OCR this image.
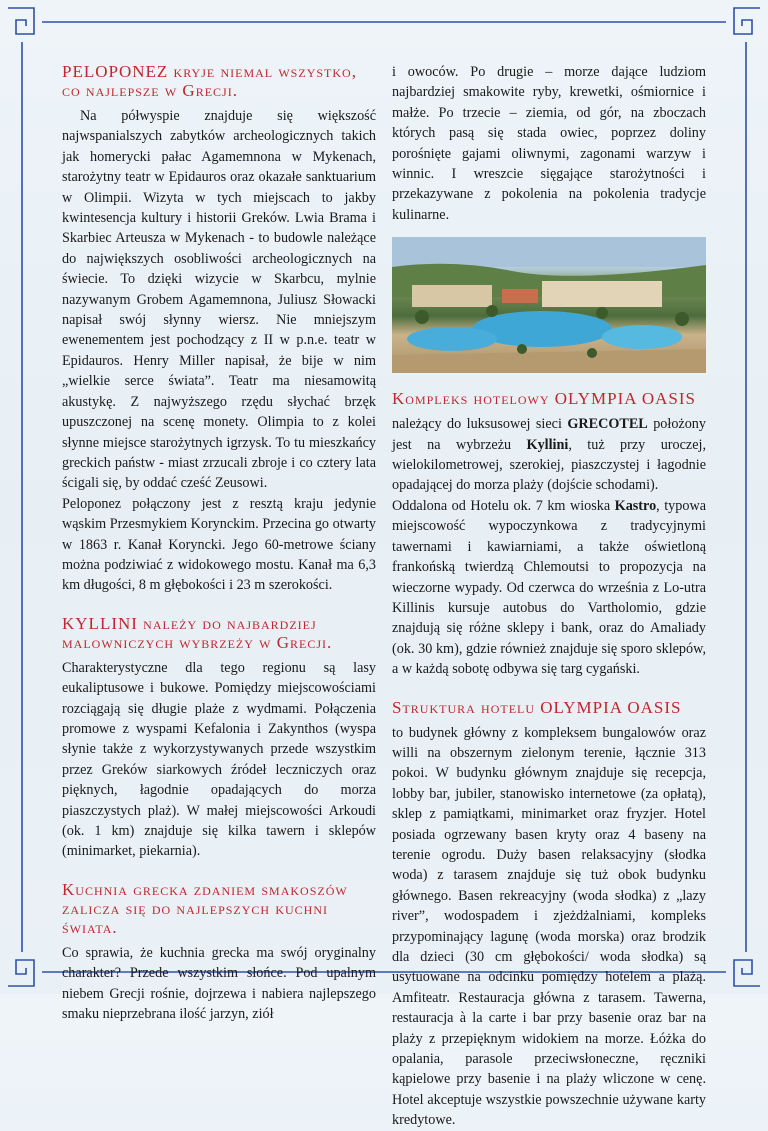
PELOPONEZ kryje niemal wszystko, co najlepsze w Grecji.

Na półwyspie znajduje się większość najwspanialszych zabytków archeologicznych takich jak homerycki pałac Agamemnona w Mykenach, starożytny teatr w Epidauros oraz okazałe sanktuarium w Olimpii. Wizyta w tych miejscach to jakby kwintesencja kultury i historii Greków. Lwia Brama i Skarbiec Arteusza w Mykenach - to budowle należące do największych osobliwości archeologicznych na świecie. To dzięki wizycie w Skarbcu, mylnie nazywanym Grobem Agamemnona, Juliusz Słowacki napisał swój słynny wiersz. Nie mniejszym ewenementem jest pochodzący z II w p.n.e. teatr w Epidauros. Henry Miller napisał, że bije w nim „wielkie serce świata”. Teatr ma niesamowitą akustykę. Z najwyższego rzędu słychać brzęk upuszczonej na scenę monety. Olimpia to z kolei słynne miejsce starożytnych igrzysk. To tu mieszkańcy greckich państw - miast zrzucali zbroje i co cztery lata ścigali się, by oddać cześć Zeusowi.

Peloponez połączony jest z resztą kraju jedynie wąskim Przesmykiem Korynckim. Przecina go otwarty w 1863 r. Kanał Koryncki. Jego 60-metrowe ściany można podziwiać z widokowego mostu. Kanał ma 6,3 km długości, 8 m głębokości i 23 m szerokości.

KYLLINI należy do najbardziej malowniczych wybrzeży w Grecji.

Charakterystyczne dla tego regionu są lasy eukaliptusowe i bukowe. Pomiędzy miejscowościami rozciągają się długie plaże z wydmami. Połączenia promowe z wyspami Kefalonia i Zakynthos (wyspa słynie także z wykorzystywanych przede wszystkim przez Greków siarkowych źródeł leczniczych oraz pięknych, łagodnie opadających do morza piaszczystych plaż). W małej miejscowości Arkoudi (ok. 1 km) znajduje się kilka tawern i sklepów (minimarket, piekarnia).

Kuchnia grecka zdaniem smakoszów zalicza się do najlepszych kuchni świata.

Co sprawia, że kuchnia grecka ma swój oryginalny charakter? Przede wszystkim słońce. Pod upalnym niebem Grecji rośnie, dojrzewa i nabiera najlepszego smaku nieprzebrana ilość jarzyn, ziół

i owoców. Po drugie – morze dające ludziom najbardziej smakowite ryby, krewetki, ośmiornice i małże. Po trzecie – ziemia, od gór, na zboczach których pasą się stada owiec, poprzez doliny porośnięte gajami oliwnymi, zagonami warzyw i winnic. I wreszcie sięgające starożytności i przekazywane z pokolenia na pokolenia tradycje kulinarne.

Kompleks hotelowy OLYMPIA OASIS

należący do luksusowej sieci GRECOTEL położony jest na wybrzeżu Kyllini, tuż przy uroczej, wielokilometrowej, szerokiej, piaszczystej i łagodnie opadającej do morza plaży (dojście schodami).

Oddalona od Hotelu ok. 7 km wioska Kastro, typowa miejscowość wypoczynkowa z tradycyjnymi tawernami i kawiarniami, a także oświetloną frankońską twierdzą Chlemoutsi to propozycja na wieczorne wypady. Od czerwca do września z Lo-utra Killinis kursuje autobus do Vartholomio, gdzie znajdują się różne sklepy i bank, oraz do Amaliady (ok. 30 km), gdzie również znajduje się sporo sklepów, a w każdą sobotę odbywa się targ cygański.

Struktura hotelu OLYMPIA OASIS

to budynek główny z kompleksem bungalowów oraz willi na obszernym zielonym terenie, łącznie 313 pokoi. W budynku głównym znajduje się recepcja, lobby bar, jubiler, stanowisko internetowe (za opłatą), sklep z pamiątkami, minimarket oraz fryzjer. Hotel posiada ogrzewany basen kryty oraz 4 baseny na terenie ogrodu. Duży basen relaksacyjny (słodka woda) z tarasem znajduje się tuż obok budynku głównego. Basen rekreacyjny (woda słodka) z „lazy river”, wodospadem i zjeżdżalniami, kompleks przypominający lagunę (woda morska) oraz brodzik dla dzieci (30 cm głębokości/ woda słodka) są usytuowane na odcinku pomiędzy hotelem a plażą. Amfiteatr. Restauracja główna z tarasem. Tawerna, restauracja à la carte i bar przy basenie oraz bar na plaży z przepięknym widokiem na morze. Łóżka do opalania, parasole przeciwsłoneczne, ręczniki kąpielowe przy basenie i na plaży wliczone w cenę. Hotel akceptuje wszystkie powszechnie używane karty kredytowe.
